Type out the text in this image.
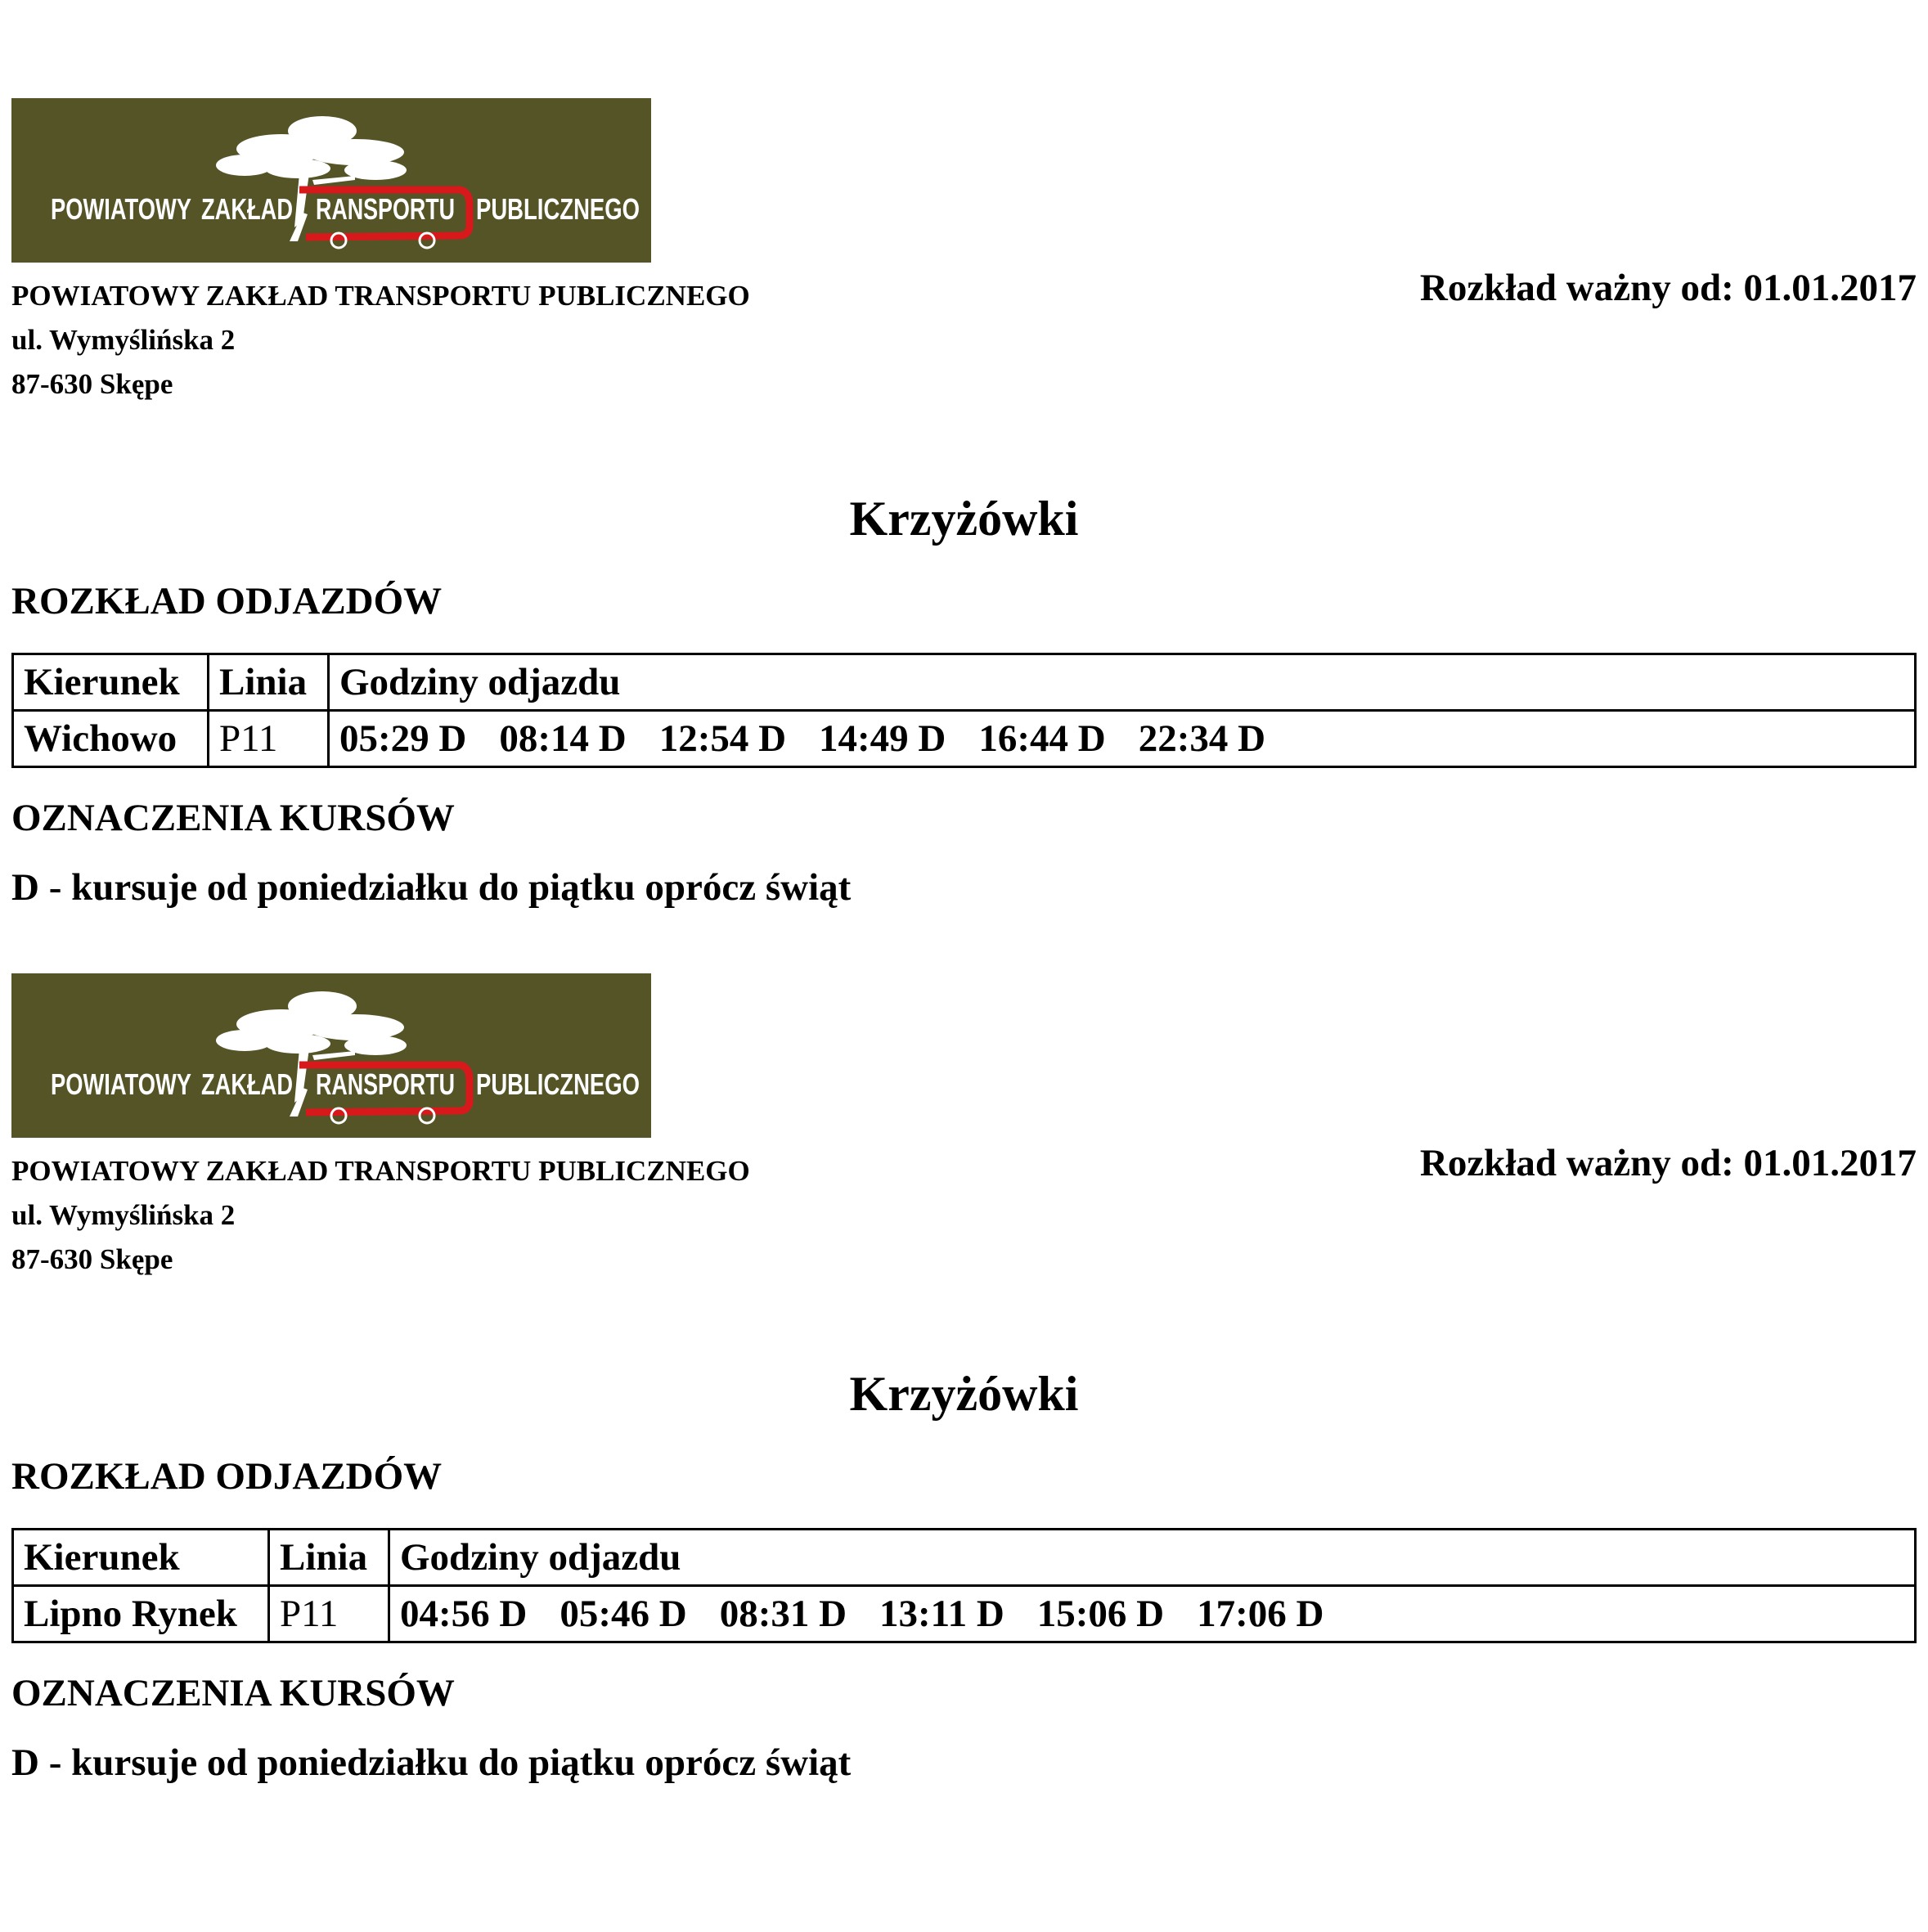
POWIATOWY ZAKŁAD RANSPORTU PUBLICZNEGO
POWIATOWY ZAKŁAD TRANSPORTU PUBLICZNEGO
ul. Wymyślińska 2
87-630 Skępe
Rozkład ważny od: 01.01.2017
Krzyżówki
ROZKŁAD ODJAZDÓW
Kierunek	Linia	Godziny odjazdu
Wichowo	P11	05:29 D 08:14 D 12:54 D 14:49 D 16:44 D 22:34 D
OZNACZENIA KURSÓW
D - kursuje od poniedziałku do piątku oprócz świąt
POWIATOWY ZAKŁAD RANSPORTU PUBLICZNEGO
POWIATOWY ZAKŁAD TRANSPORTU PUBLICZNEGO
ul. Wymyślińska 2
87-630 Skępe
Rozkład ważny od: 01.01.2017
Krzyżówki
ROZKŁAD ODJAZDÓW
Kierunek	Linia	Godziny odjazdu
Lipno Rynek	P11	04:56 D 05:46 D 08:31 D 13:11 D 15:06 D 17:06 D
OZNACZENIA KURSÓW
D - kursuje od poniedziałku do piątku oprócz świąt
